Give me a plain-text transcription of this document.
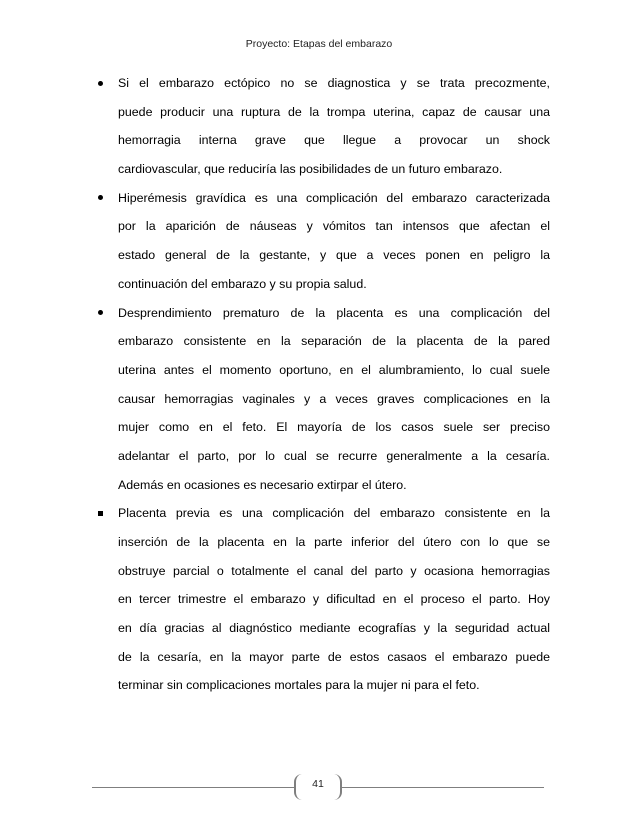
Proyecto: Etapas del embarazo
Si el embarazo ectópico no se diagnostica y se trata precozmente,
puede producir una ruptura de la trompa uterina, capaz de causar una
hemorragia interna grave que llegue a provocar un shock
cardiovascular, que reduciría las posibilidades de un futuro embarazo.
Hiperémesis gravídica es una complicación del embarazo caracterizada
por la aparición de náuseas y vómitos tan intensos que afectan el
estado general de la gestante, y que a veces ponen en peligro la
continuación del embarazo y su propia salud.
Desprendimiento prematuro de la placenta es una complicación del
embarazo consistente en la separación de la placenta de la pared
uterina antes el momento oportuno, en el alumbramiento, lo cual suele
causar hemorragias vaginales y a veces graves complicaciones en la
mujer como en el feto. El mayoría de los casos suele ser preciso
adelantar el parto, por lo cual se recurre generalmente a la cesaría.
Además en ocasiones es necesario extirpar el útero.
Placenta previa es una complicación del embarazo consistente en la
inserción de la placenta en la parte inferior del útero con lo que se
obstruye parcial o totalmente el canal del parto y ocasiona hemorragias
en tercer trimestre el embarazo y dificultad en el proceso el parto. Hoy
en día gracias al diagnóstico mediante ecografías y la seguridad actual
de la cesaría, en la mayor parte de estos casaos el embarazo puede
terminar sin complicaciones mortales para la mujer ni para el feto.
41
